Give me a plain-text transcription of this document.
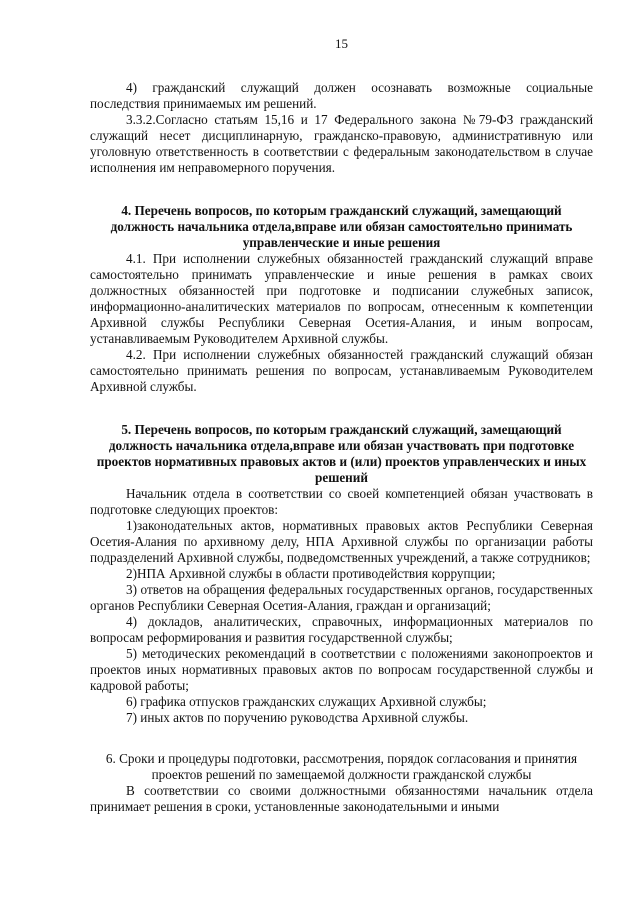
15

4) гражданский служащий должен осознавать возможные социальные последствия принимаемых им решений.

3.3.2.Согласно статьям 15,16 и 17 Федерального закона №79-ФЗ гражданский служащий несет дисциплинарную, гражданско-правовую, административную или уголовную ответственность в соответствии с федеральным законодательством в случае исполнения им неправомерного поручения.

4. Перечень вопросов, по которым гражданский служащий, замещающий должность начальника отдела,вправе или обязан самостоятельно принимать управленческие и иные решения

4.1. При исполнении служебных обязанностей гражданский служащий вправе самостоятельно принимать управленческие и иные решения в рамках своих должностных обязанностей при подготовке и подписании служебных записок, информационно-аналитических материалов по вопросам, отнесенным к компетенции Архивной службы Республики Северная Осетия-Алания, и иным вопросам, устанавливаемым Руководителем Архивной службы.

4.2. При исполнении служебных обязанностей гражданский служащий обязан самостоятельно принимать решения по вопросам, устанавливаемым Руководителем Архивной службы.

5. Перечень вопросов, по которым гражданский служащий, замещающий должность начальника отдела,вправе или обязан участвовать при подготовке проектов нормативных правовых актов и (или) проектов управленческих и иных решений

Начальник отдела в соответствии со своей компетенцией обязан участвовать в подготовке следующих проектов:

1)законодательных актов, нормативных правовых актов Республики Северная Осетия-Алания по архивному делу, НПА Архивной службы по организации работы подразделений Архивной службы, подведомственных учреждений, а также сотрудников;

2)НПА Архивной службы в области противодействия коррупции;

3) ответов на обращения федеральных государственных органов, государственных органов Республики Северная Осетия-Алания, граждан и организаций;

4) докладов, аналитических, справочных, информационных материалов по вопросам реформирования и развития государственной службы;

5) методических рекомендаций в соответствии с положениями законопроектов и проектов иных нормативных правовых актов по вопросам государственной службы и кадровой работы;

6) графика отпусков гражданских служащих Архивной службы;

7) иных актов по поручению руководства Архивной службы.

6. Сроки и процедуры подготовки, рассмотрения, порядок согласования и принятия проектов решений по замещаемой должности гражданской службы

В соответствии со своими должностными обязанностями начальник отдела принимает решения в сроки, установленные законодательными и иными
